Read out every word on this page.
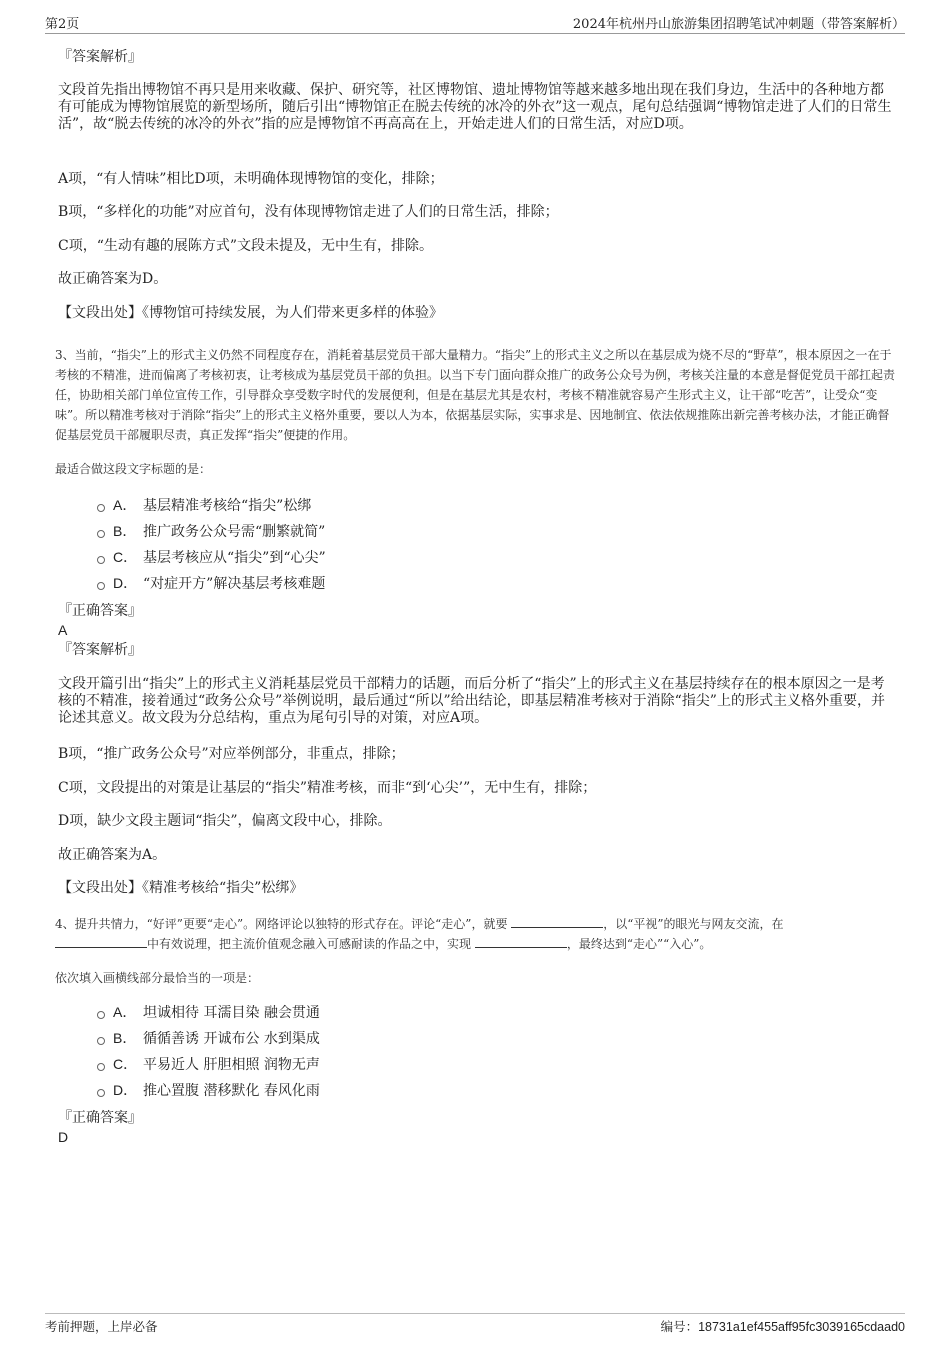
第2页	2024年杭州丹山旅游集团招聘笔试冲刺题（带答案解析）
『答案解析』
文段首先指出博物馆不再只是用来收藏、保护、研究等，社区博物馆、遗址博物馆等越来越多地出现在我们身边，生活中的各种地方都有可能成为博物馆展览的新型场所，随后引出“博物馆正在脱去传统的冰冷的外衣”这一观点，尾句总结强调“博物馆走进了人们的日常生活”，故“脱去传统的冰冷的外衣”指的应是博物馆不再高高在上，开始走进人们的日常生活，对应D项。
A项，“有人情味”相比D项，未明确体现博物馆的变化，排除；
B项，“多样化的功能”对应首句，没有体现博物馆走进了人们的日常生活，排除；
C项，“生动有趣的展陈方式”文段未提及，无中生有，排除。
故正确答案为D。
【文段出处】《博物馆可持续发展，为人们带来更多样的体验》
3、当前，“指尖”上的形式主义仍然不同程度存在，消耗着基层党员干部大量精力。“指尖”上的形式主义之所以在基层成为烧不尽的“野草”，根本原因之一在于考核的不精准，进而偏离了考核初衷，让考核成为基层党员干部的负担。以当下专门面向群众推广的政务公众号为例，考核关注量的本意是督促党员干部扛起责任，协助相关部门单位宣传工作，引导群众享受数字时代的发展便利，但是在基层尤其是农村，考核不精准就容易产生形式主义，让干部“吃苦”，让受众“变味”。所以精准考核对于消除“指尖”上的形式主义格外重要，要以人为本，依据基层实际，实事求是、因地制宜、依法依规推陈出新完善考核办法，才能正确督促基层党员干部履职尽责，真正发挥“指尖”便捷的作用。
最适合做这段文字标题的是：
A． 基层精准考核给“指尖”松绑
B． 推广政务公众号需“删繁就简”
C． 基层考核应从“指尖”到“心尖”
D． “对症开方”解决基层考核难题
『正确答案』
A
『答案解析』
文段开篇引出“指尖”上的形式主义消耗基层党员干部精力的话题，而后分析了“指尖”上的形式主义在基层持续存在的根本原因之一是考核的不精准，接着通过“政务公众号”举例说明，最后通过“所以”给出结论，即基层精准考核对于消除“指尖”上的形式主义格外重要，并论述其意义。故文段为分总结构，重点为尾句引导的对策，对应A项。
B项，“推广政务公众号”对应举例部分，非重点，排除；
C项，文段提出的对策是让基层的“指尖”精准考核，而非“到‘心尖’”，无中生有，排除；
D项，缺少文段主题词“指尖”，偏离文段中心，排除。
故正确答案为A。
【文段出处】《精准考核给“指尖”松绑》
4、提升共情力，“好评”更要“走心”。网络评论以独特的形式存在。评论“走心”，就要	，以“平视”的眼光与网友交流，在
中有效说理，把主流价值观念融入可感耐读的作品之中，实现	，最终达到“走心”“入心”。
依次填入画横线部分最恰当的一项是：
A． 坦诚相待 耳濡目染 融会贯通
B． 循循善诱 开诚布公 水到渠成
C． 平易近人 肝胆相照 润物无声
D． 推心置腹 潜移默化 春风化雨
『正确答案』
D
考前押题，上岸必备	编号：18731a1ef455aff95fc3039165cdaad0
